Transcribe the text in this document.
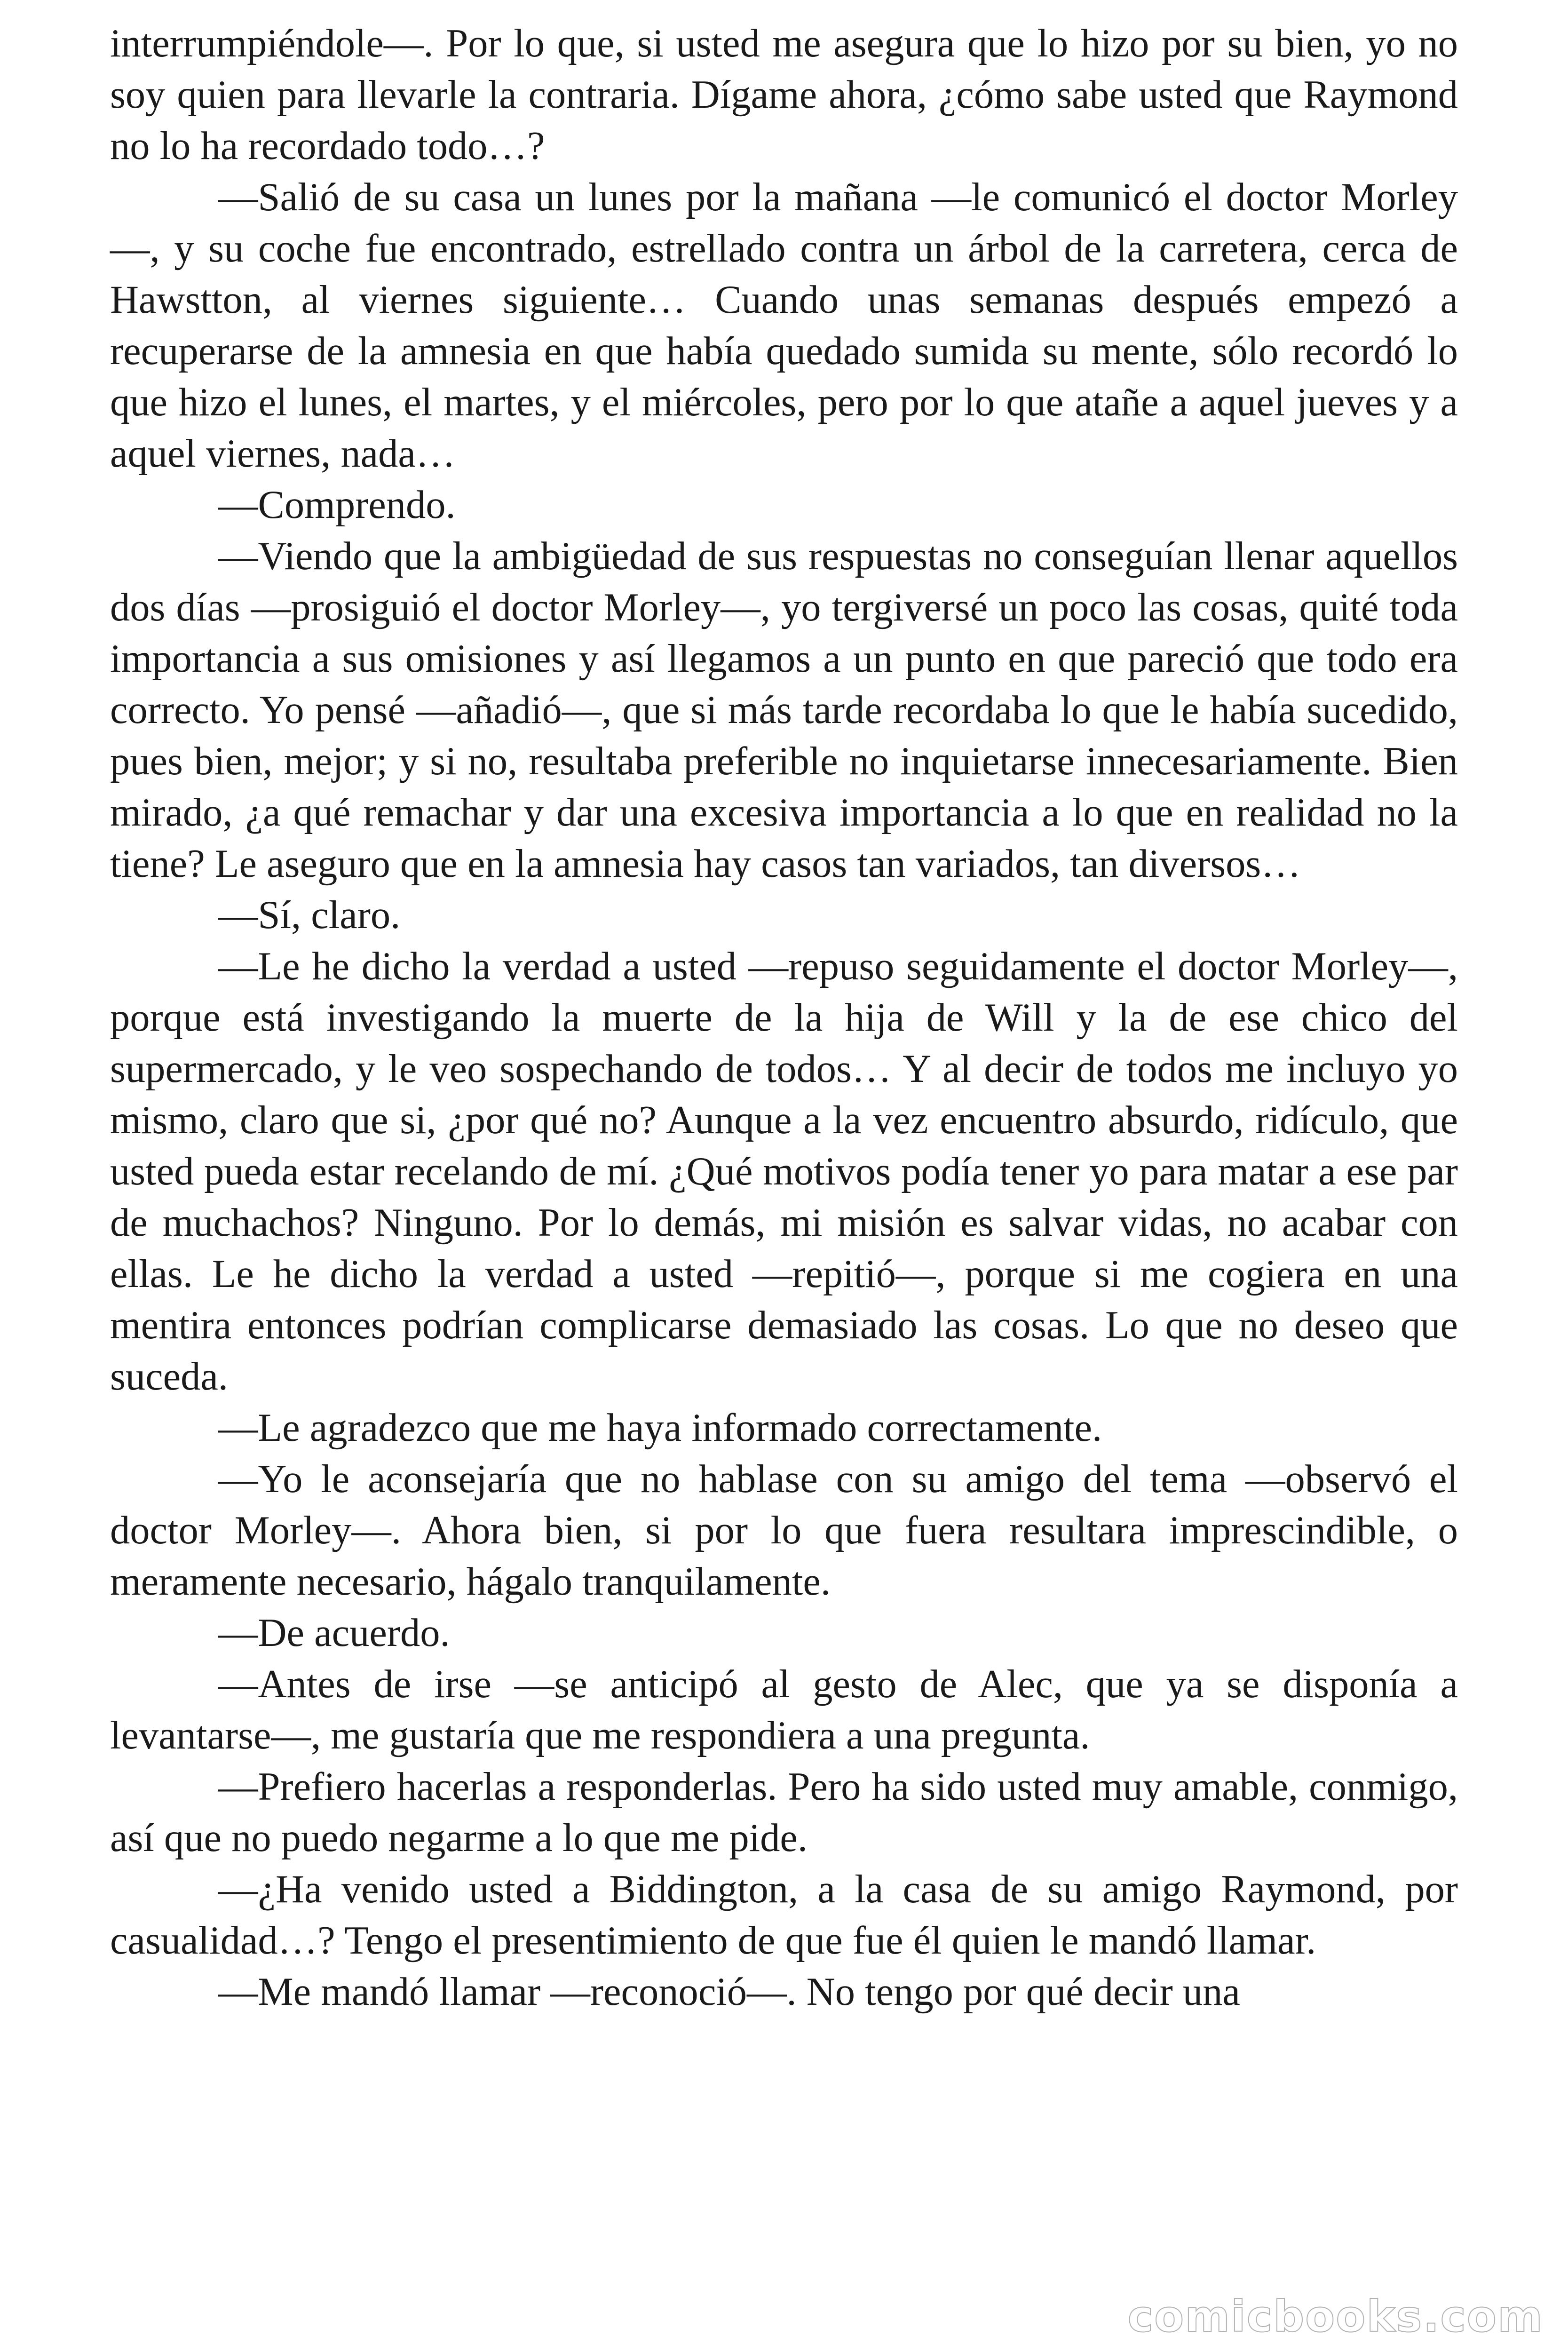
interrumpiéndole—. Por lo que, si usted me asegura que lo hizo por su bien, yo no soy quien para llevarle la contraria. Dígame ahora, ¿cómo sabe usted que Raymond no lo ha recordado todo…?

—Salió de su casa un lunes por la mañana —le comunicó el doctor Morley—, y su coche fue encontrado, estrellado contra un árbol de la carretera, cerca de Hawstton, al viernes siguiente… Cuando unas semanas después empezó a recuperarse de la amnesia en que había quedado sumida su mente, sólo recordó lo que hizo el lunes, el martes, y el miércoles, pero por lo que atañe a aquel jueves y a aquel viernes, nada…

—Comprendo.

—Viendo que la ambigüedad de sus respuestas no conseguían llenar aquellos dos días —prosiguió el doctor Morley—, yo tergiversé un poco las cosas, quité toda importancia a sus omisiones y así llegamos a un punto en que pareció que todo era correcto. Yo pensé —añadió—, que si más tarde recordaba lo que le había sucedido, pues bien, mejor; y si no, resultaba preferible no inquietarse innecesariamente. Bien mirado, ¿a qué remachar y dar una excesiva importancia a lo que en realidad no la tiene? Le aseguro que en la amnesia hay casos tan variados, tan diversos…

—Sí, claro.

—Le he dicho la verdad a usted —repuso seguidamente el doctor Morley—, porque está investigando la muerte de la hija de Will y la de ese chico del supermercado, y le veo sospechando de todos… Y al decir de todos me incluyo yo mismo, claro que si, ¿por qué no? Aunque a la vez encuentro absurdo, ridículo, que usted pueda estar recelando de mí. ¿Qué motivos podía tener yo para matar a ese par de muchachos? Ninguno. Por lo demás, mi misión es salvar vidas, no acabar con ellas. Le he dicho la verdad a usted —repitió—, porque si me cogiera en una mentira entonces podrían complicarse demasiado las cosas. Lo que no deseo que suceda.

—Le agradezco que me haya informado correctamente.

—Yo le aconsejaría que no hablase con su amigo del tema —observó el doctor Morley—. Ahora bien, si por lo que fuera resultara imprescindible, o meramente necesario, hágalo tranquilamente.

—De acuerdo.

—Antes de irse —se anticipó al gesto de Alec, que ya se disponía a levantarse—, me gustaría que me respondiera a una pregunta.

—Prefiero hacerlas a responderlas. Pero ha sido usted muy amable, conmigo, así que no puedo negarme a lo que me pide.

—¿Ha venido usted a Biddington, a la casa de su amigo Raymond, por casualidad…? Tengo el presentimiento de que fue él quien le mandó llamar.

—Me mandó llamar —reconoció—. No tengo por qué decir una

comicbooks.com
